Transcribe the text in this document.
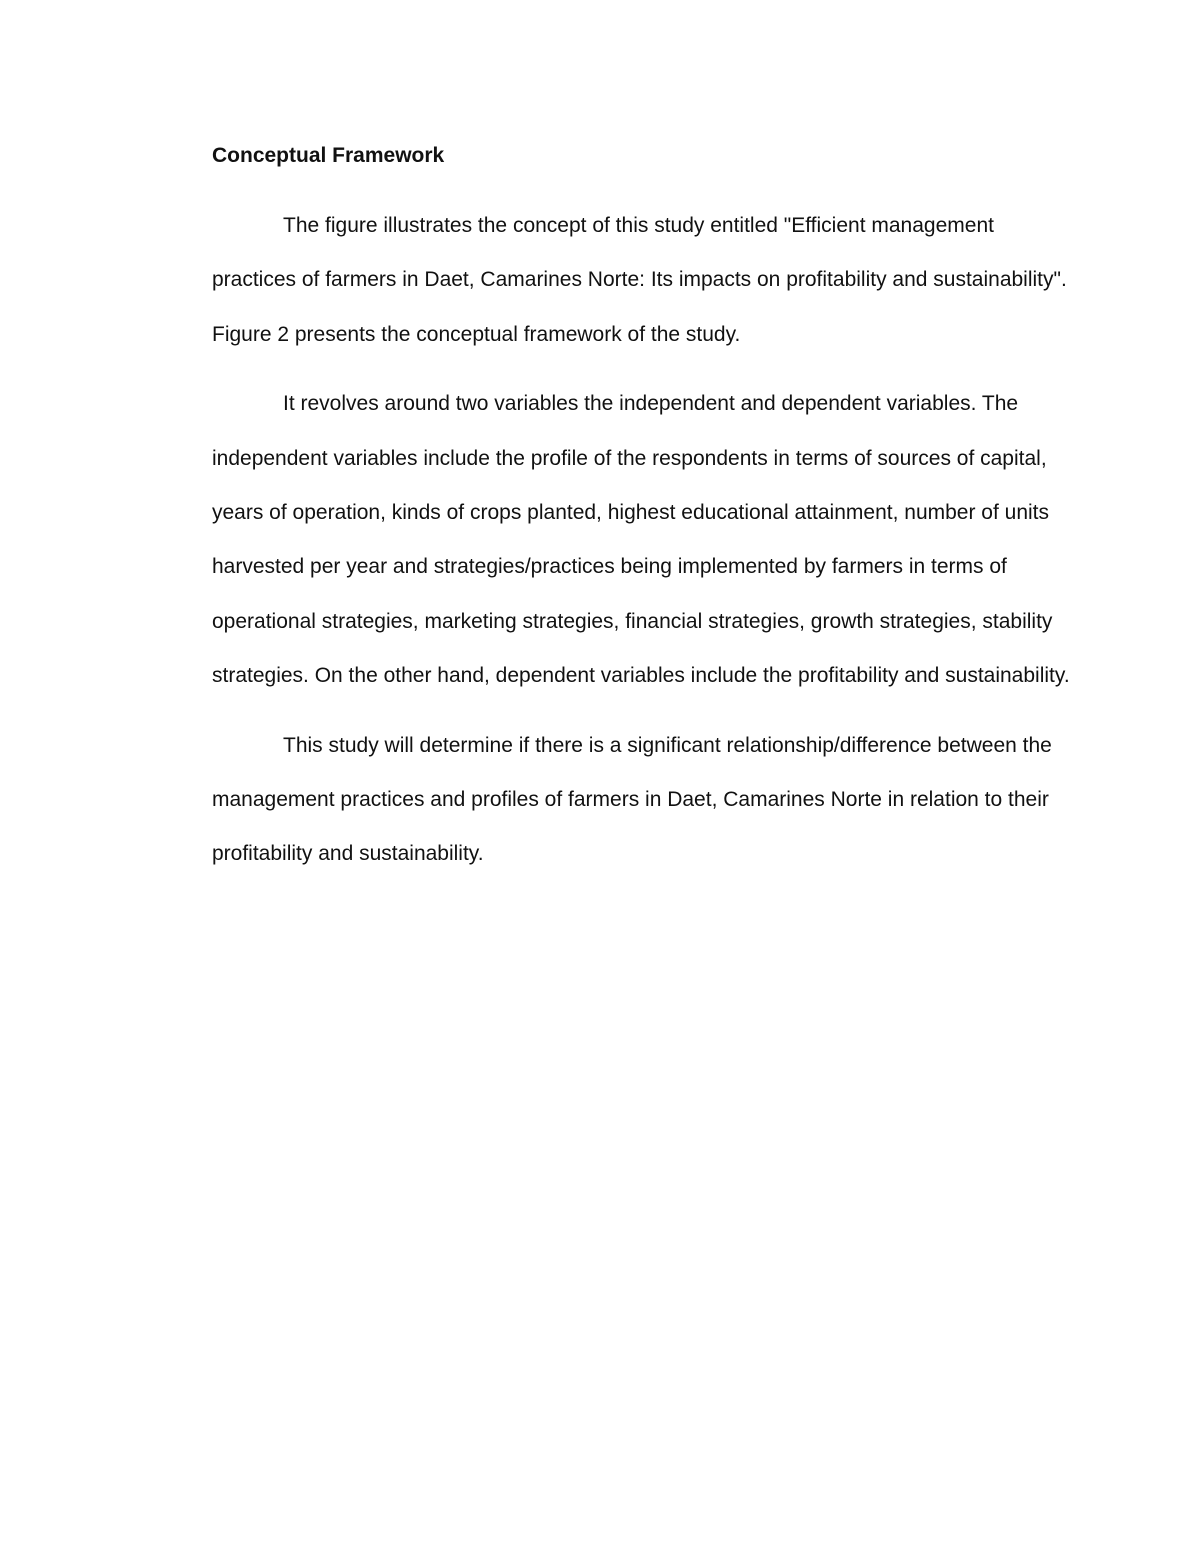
Conceptual Framework

The figure illustrates the concept of this study entitled "Efficient management practices of farmers in Daet, Camarines Norte: Its impacts on profitability and sustainability". Figure 2 presents the conceptual framework of the study.

It revolves around two variables the independent and dependent variables. The independent variables include the profile of the respondents in terms of sources of capital, years of operation, kinds of crops planted, highest educational attainment, number of units harvested per year and strategies/practices being implemented by farmers in terms of operational strategies, marketing strategies, financial strategies, growth strategies, stability strategies. On the other hand, dependent variables include the profitability and sustainability.

This study will determine if there is a significant relationship/difference between the management practices and profiles of farmers in Daet, Camarines Norte in relation to their profitability and sustainability.
